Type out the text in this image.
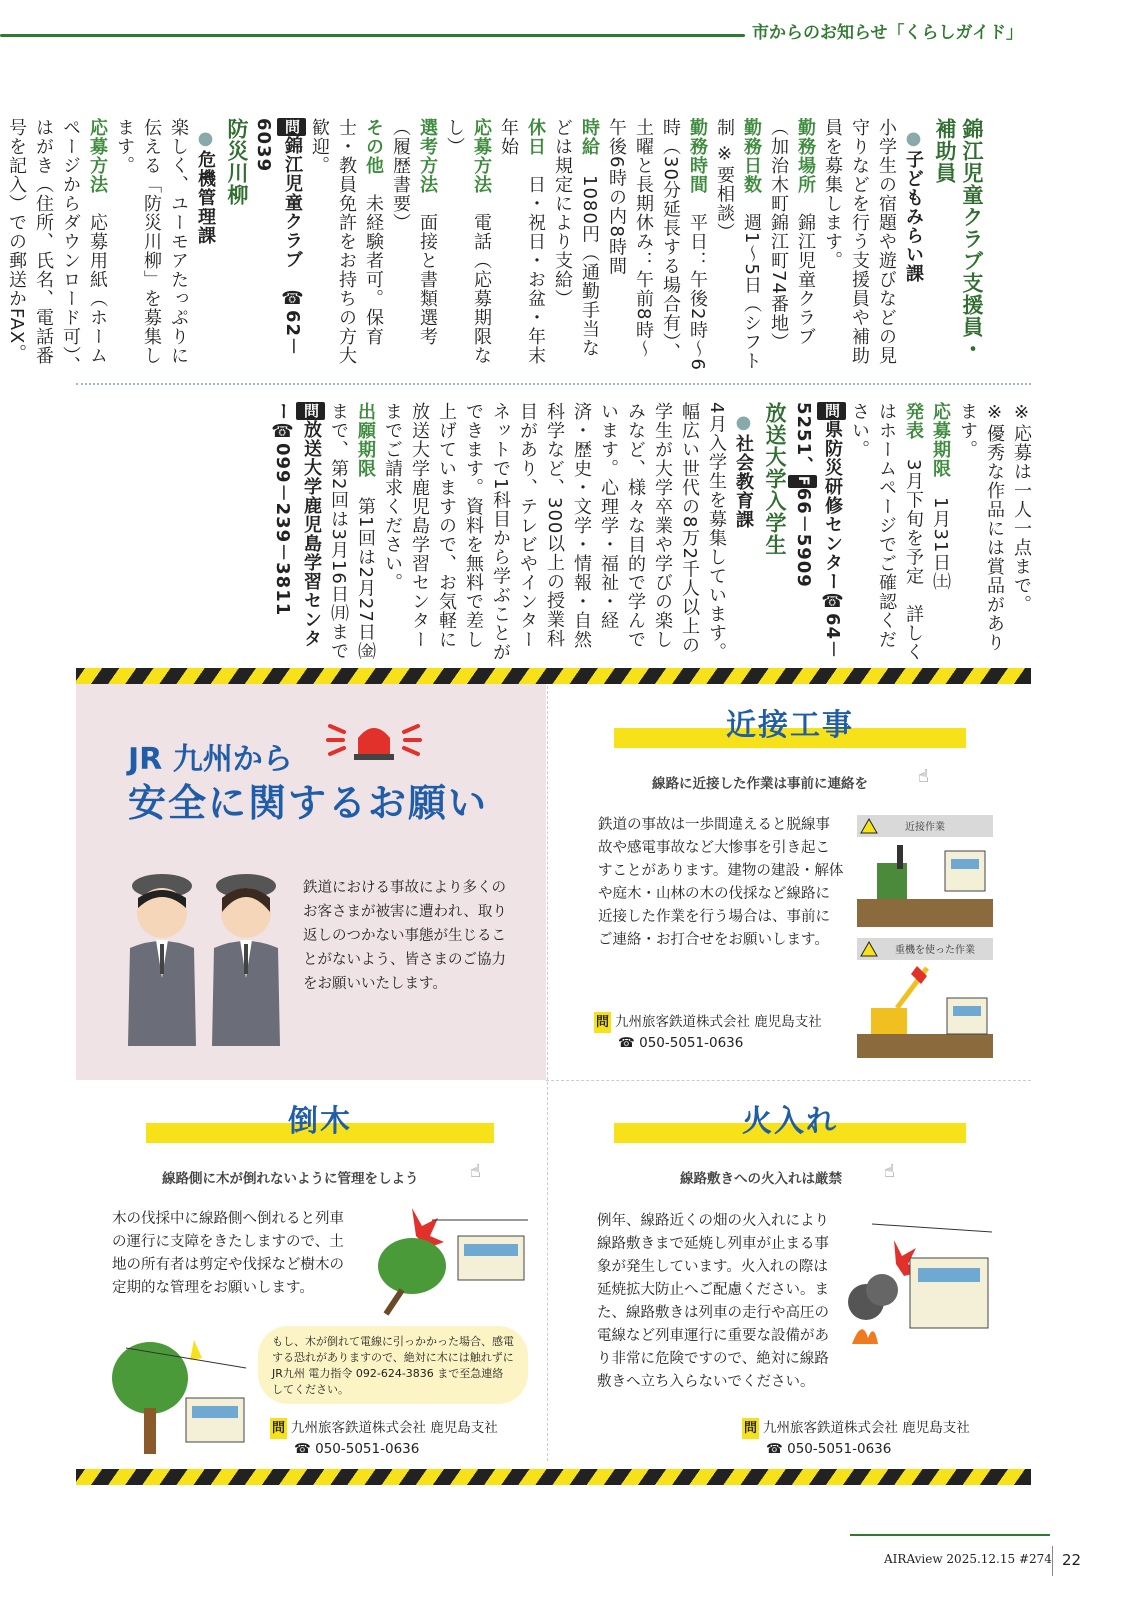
市からのお知らせ「くらしガイド」

錦江児童クラブ支援員・補助員

● 子どもみらい課

小学生の宿題や遊びなどの見守りなどを行う支援員や補助員を募集します。

勤務場所　錦江児童クラブ（加治木町錦江町74番地）

勤務日数　週1～5日（シフト制 ※要相談）

勤務時間　平日：午後2時～6時（30分延長する場合有）、土曜と長期休み：午前8時～午後6時の内8時間

時給　1080円（通勤手当などは規定により支給）

休日　日・祝日・お盆・年末年始

応募方法　電話（応募期限なし）

選考方法　面接と書類選考（履歴書要）

その他　未経験者可。保育士・教員免許をお持ちの方大歓迎。

問錦江児童クラブ　☎62－6039

防災川柳

● 危機管理課

楽しく、ユーモアたっぷりに伝える「防災川柳」を募集します。

応募方法　応募用紙（ホームページからダウンロード可）、はがき（住所、氏名、電話番号を記入）での郵送かFAX。

※応募は一人一点まで。

※優秀な作品には賞品があります。

応募期限　1月31日㈯

発表　3月下旬を予定　詳しくはホームページでご確認ください。

問県防災研修センター☎64－5251、F66－5909

放送大学入学生

● 社会教育課

4月入学生を募集しています。幅広い世代の8万2千人以上の学生が大学卒業や学びの楽しみなど、様々な目的で学んでいます。心理学・福祉・経済・歴史・文学・情報・自然科学など、300以上の授業科目があり、テレビやインターネットで1科目から学ぶことができます。資料を無料で差し上げていますので、お気軽に放送大学鹿児島学習センターまでご請求ください。

出願期限　第1回は2月27日㈮まで、第2回は3月16日㈪まで

問放送大学鹿児島学習センター☎099－239－3811

JR 九州から
安全に関するお願い
鉄道における事故により多くのお客さまが被害に遭われ、取り返しのつかない事態が生じることがないよう、皆さまのご協力をお願いいたします。
近接工事
線路に近接した作業は事前に連絡を	☝
鉄道の事故は一歩間違えると脱線事故や感電事故など大惨事を引き起こすことがあります。建物の建設・解体や庭木・山林の木の伐採など線路に近接した作業を行う場合は、事前にご連絡・お打合せをお願いします。
近接作業
重機を使った作業
問 九州旅客鉄道株式会社 鹿児島支社
☎ 050-5051-0636
倒木
線路側に木が倒れないように管理をしよう	☝
木の伐採中に線路側へ倒れると列車の運行に支障をきたしますので、土地の所有者は剪定や伐採など樹木の定期的な管理をお願いします。
もし、木が倒れて電線に引っかかった場合、感電する恐れがありますので、絶対に木には触れずに JR九州 電力指令 092-624-3836 まで至急連絡してください。
問 九州旅客鉄道株式会社 鹿児島支社
☎ 050-5051-0636
火入れ
線路敷きへの火入れは厳禁 ☝
例年、線路近くの畑の火入れにより線路敷きまで延焼し列車が止まる事象が発生しています。火入れの際は延焼拡大防止へご配慮ください。また、線路敷きは列車の走行や高圧の電線など列車運行に重要な設備があり非常に危険ですので、絶対に線路敷きへ立ち入らないでください。
問 九州旅客鉄道株式会社 鹿児島支社
☎ 050-5051-0636
AIRAview 2025.12.15 #274 22
